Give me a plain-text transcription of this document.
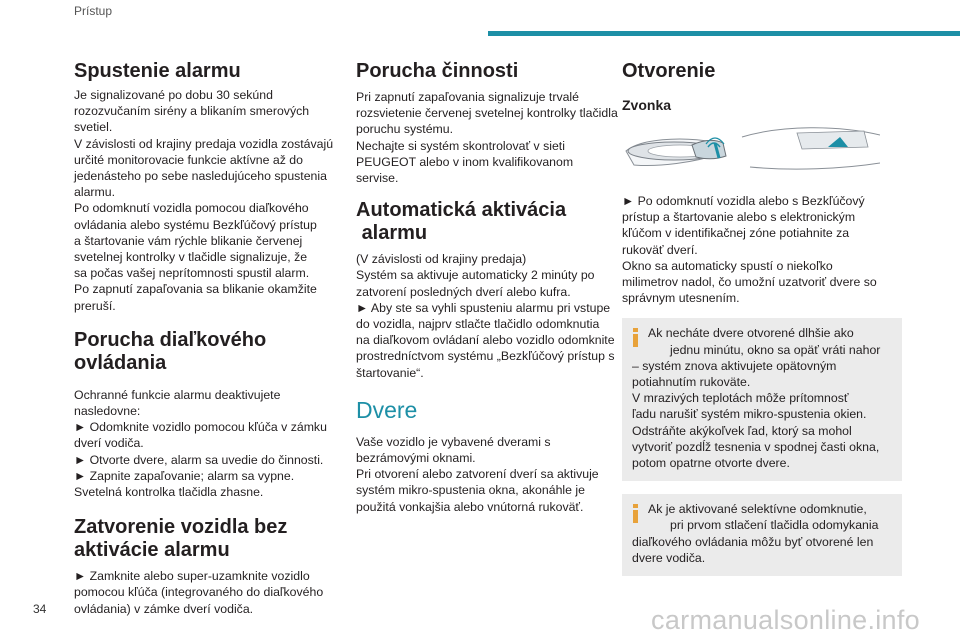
Prístup
Spustenie alarmu

Je signalizované po dobu 30 sekúnd
rozozvučaním sirény a blikaním smerových
svetiel.
V závislosti od krajiny predaja vozidla zostávajú
určité monitorovacie funkcie aktívne až do
jedenásteho po sebe nasledujúceho spustenia
alarmu.
Po odomknutí vozidla pomocou diaľkového
ovládania alebo systému Bezkľúčový prístup
a štartovanie vám rýchle blikanie červenej
svetelnej kontrolky v tlačidle signalizuje, že
sa počas vašej neprítomnosti spustil alarm.
Po zapnutí zapaľovania sa blikanie okamžite
preruší.

Porucha diaľkového
ovládania

Ochranné funkcie alarmu deaktivujete
nasledovne:
► Odomknite vozidlo pomocou kľúča v zámku
dverí vodiča.
► Otvorte dvere, alarm sa uvedie do činnosti.
► Zapnite zapaľovanie; alarm sa vypne.
Svetelná kontrolka tlačidla zhasne.

Zatvorenie vozidla bez
aktivácie alarmu

► Zamknite alebo super-uzamknite vozidlo
pomocou kľúča (integrovaného do diaľkového
ovládania) v zámke dverí vodiča.

Porucha činnosti

Pri zapnutí zapaľovania signalizuje trvalé
rozsvietenie červenej svetelnej kontrolky tlačidla
poruchu systému.
Nechajte si systém skontrolovať v sieti
PEUGEOT alebo v inom kvalifikovanom servise.

Automatická aktivácia
alarmu

(V závislosti od krajiny predaja)
Systém sa aktivuje automaticky 2 minúty po
zatvorení posledných dverí alebo kufra.
► Aby ste sa vyhli spusteniu alarmu pri vstupe
do vozidla, najprv stlačte tlačidlo odomknutia
na diaľkovom ovládaní alebo vozidlo odomknite
prostredníctvom systému „Bezkľúčový prístup s
štartovanie“.

Dvere

Vaše vozidlo je vybavené dverami s
bezrámovými oknami.
Pri otvorení alebo zatvorení dverí sa aktivuje
systém mikro-spustenia okna, akonáhle je
použitá vonkajšia alebo vnútorná rukoväť.

Otvorenie
Zvonka

► Po odomknutí vozidla alebo s Bezkľúčový
prístup a štartovanie alebo s elektronickým
kľúčom v identifikačnej zóne potiahnite za
rukoväť dverí.
Okno sa automaticky spustí o niekoľko
milimetrov nadol, čo umožní uzatvoriť dvere so
správnym utesnením.

Ak necháte dvere otvorené dlhšie ako
jednu minútu, okno sa opäť vráti nahor
– systém znova aktivujete opätovným
potiahnutím rukoväte.
V mrazivých teplotách môže prítomnosť
ľadu narušiť systém mikro-spustenia okien.
Odstráňte akýkoľvek ľad, ktorý sa mohol
vytvoriť pozdĺž tesnenia v spodnej časti okna,
potom opatrne otvorte dvere.
Ak je aktivované selektívne odomknutie,
pri prvom stlačení tlačidla odomykania
diaľkového ovládania môžu byť otvorené len
dvere vodiča.
34	carmanualsonline.info
